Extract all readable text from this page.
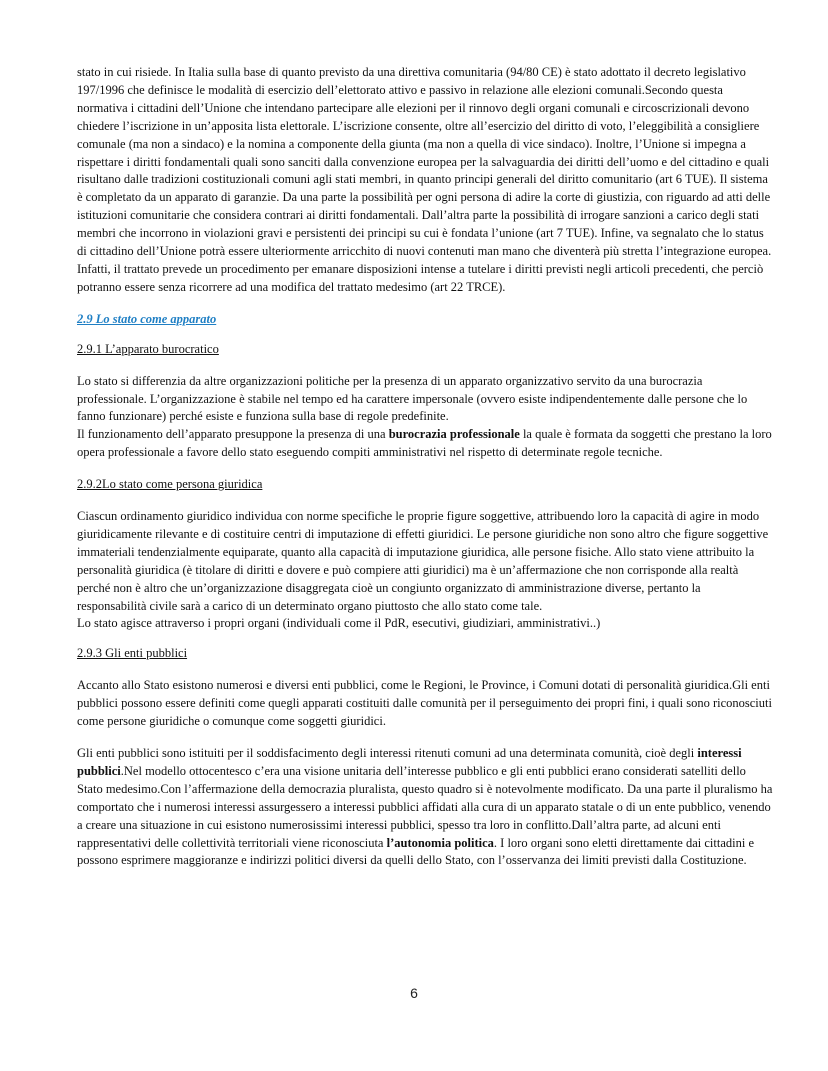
stato in cui risiede. In Italia sulla base di quanto previsto da una direttiva comunitaria (94/80 CE) è stato adottato il decreto legislativo 197/1996 che definisce le modalità di esercizio dell’elettorato attivo e passivo in relazione alle elezioni comunali.Secondo questa normativa i cittadini dell’Unione che intendano partecipare alle elezioni per il rinnovo degli organi comunali e circoscrizionali devono chiedere l’iscrizione in un’apposita lista elettorale. L’iscrizione consente, oltre all’esercizio del diritto di voto, l’eleggibilità a consigliere comunale (ma non a sindaco) e la nomina a componente della giunta (ma non a quella di vice sindaco). Inoltre, l’Unione si impegna a rispettare i diritti fondamentali quali sono sanciti dalla convenzione europea per la salvaguardia dei diritti dell’uomo e del cittadino e quali risultano dalle tradizioni costituzionali comuni agli stati membri, in quanto principi generali del diritto comunitario (art 6 TUE). Il sistema è completato da un apparato di garanzie. Da una parte la possibilità per ogni persona di adire la corte di giustizia, con riguardo ad atti delle istituzioni comunitarie che considera contrari ai diritti fondamentali. Dall’altra parte la possibilità di irrogare sanzioni a carico degli stati membri che incorrono in violazioni gravi e persistenti dei principi su cui è fondata l’unione (art 7 TUE). Infine, va segnalato che lo status di cittadino dell’Unione potrà essere ulteriormente arricchito di nuovi contenuti man mano che diventerà più stretta l’integrazione europea. Infatti, il trattato prevede un procedimento per emanare disposizioni intense a tutelare i diritti previsti negli articoli precedenti, che perciò potranno essere senza ricorrere ad una modifica del trattato medesimo (art 22 TRCE).

2.9 Lo stato come apparato

2.9.1 L’apparato burocratico

Lo stato si differenzia da altre organizzazioni politiche per la presenza di un apparato organizzativo servito da una burocrazia professionale. L’organizzazione è stabile nel tempo ed ha carattere impersonale (ovvero esiste indipendentemente dalle persone che lo fanno funzionare) perché esiste e funziona sulla base di regole predefinite.

Il funzionamento dell’apparato presuppone la presenza di una burocrazia professionale la quale è formata da soggetti che prestano la loro opera professionale a favore dello stato eseguendo compiti amministrativi nel rispetto di determinate regole tecniche.

2.9.2Lo stato come persona giuridica

Ciascun ordinamento giuridico individua con norme specifiche le proprie figure soggettive, attribuendo loro la capacità di agire in modo giuridicamente rilevante e di costituire centri di imputazione di effetti giuridici. Le persone giuridiche non sono altro che figure soggettive immateriali tendenzialmente equiparate, quanto alla capacità di imputazione giuridica, alle persone fisiche. Allo stato viene attribuito la personalità giuridica (è titolare di diritti e dovere e può compiere atti giuridici) ma è un’affermazione che non corrisponde alla realtà perché non è altro che un’organizzazione disaggregata cioè un congiunto organizzato di amministrazione diverse, pertanto la responsabilità civile sarà a carico di un determinato organo piuttosto che allo stato come tale.

Lo stato agisce attraverso i propri organi (individuali come il PdR, esecutivi, giudiziari, amministrativi..)

2.9.3 Gli enti pubblici

Accanto allo Stato esistono numerosi e diversi enti pubblici, come le Regioni, le Province, i Comuni dotati di personalità giuridica.Gli enti pubblici possono essere definiti come quegli apparati costituiti dalle comunità per il perseguimento dei propri fini, i quali sono riconosciuti come persone giuridiche o comunque come soggetti giuridici.

Gli enti pubblici sono istituiti per il soddisfacimento degli interessi ritenuti comuni ad una determinata comunità, cioè degli interessi pubblici.Nel modello ottocentesco c’era una visione unitaria dell’interesse pubblico e gli enti pubblici erano considerati satelliti dello Stato medesimo.Con l’affermazione della democrazia pluralista, questo quadro si è notevolmente modificato. Da una parte il pluralismo ha comportato che i numerosi interessi assurgessero a interessi pubblici affidati alla cura di un apparato statale o di un ente pubblico, venendo a creare una situazione in cui esistono numerosissimi interessi pubblici, spesso tra loro in conflitto.Dall’altra parte, ad alcuni enti rappresentativi delle collettività territoriali viene riconosciuta l’autonomia politica. I loro organi sono eletti direttamente dai cittadini e possono esprimere maggioranze e indirizzi politici diversi da quelli dello Stato, con l’osservanza dei limiti previsti dalla Costituzione.

6
